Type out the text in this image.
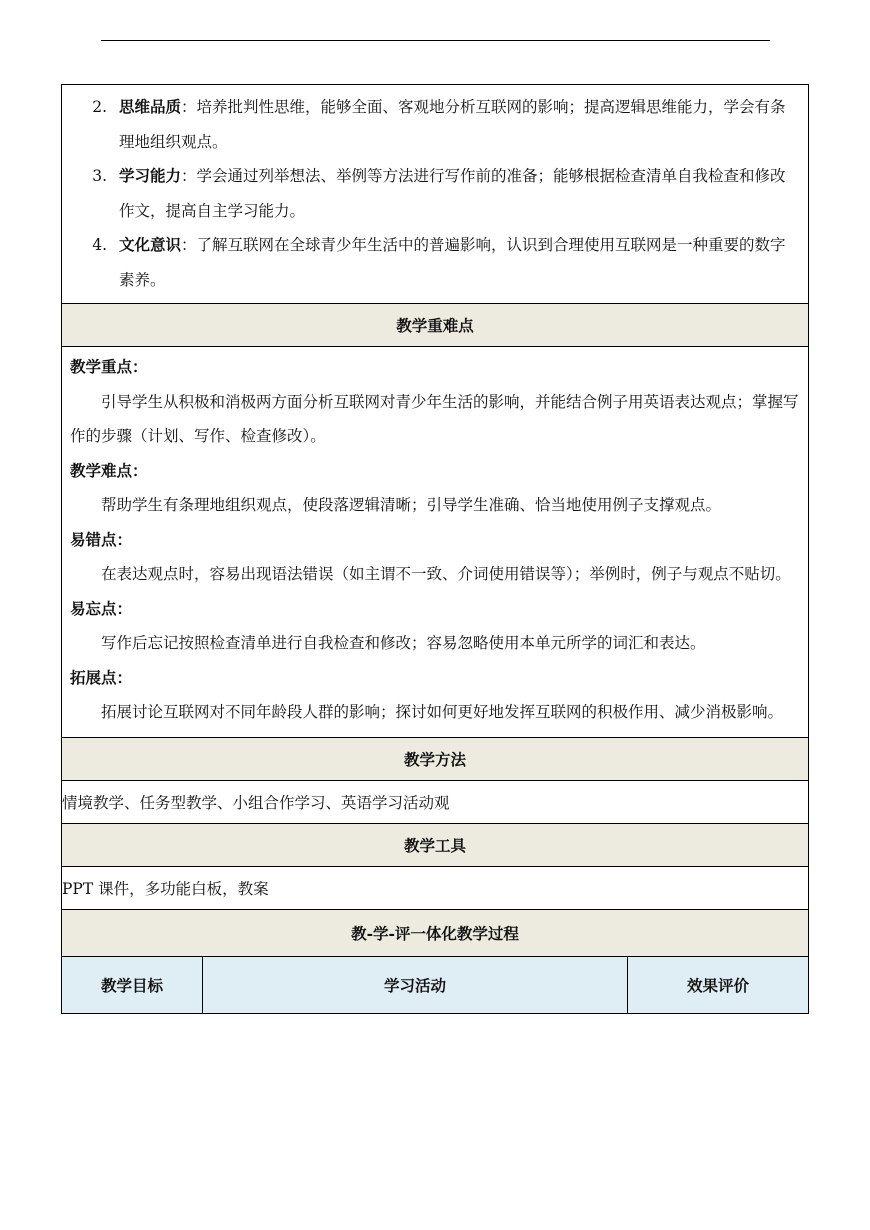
2. 思维品质：培养批判性思维，能够全面、客观地分析互联网的影响；提高逻辑思维能力，学会有条理地组织观点。
3. 学习能力：学会通过列举想法、举例等方法进行写作前的准备；能够根据检查清单自我检查和修改作文，提高自主学习能力。
4. 文化意识：了解互联网在全球青少年生活中的普遍影响，认识到合理使用互联网是一种重要的数字素养。

教学重难点

教学重点：
引导学生从积极和消极两方面分析互联网对青少年生活的影响，并能结合例子用英语表达观点；掌握写作的步骤（计划、写作、检查修改）。
教学难点：
帮助学生有条理地组织观点，使段落逻辑清晰；引导学生准确、恰当地使用例子支撑观点。
易错点：
在表达观点时，容易出现语法错误（如主谓不一致、介词使用错误等）；举例时，例子与观点不贴切。
易忘点：
写作后忘记按照检查清单进行自我检查和修改；容易忽略使用本单元所学的词汇和表达。
拓展点：
拓展讨论互联网对不同年龄段人群的影响；探讨如何更好地发挥互联网的积极作用、减少消极影响。

教学方法
情境教学、任务型教学、小组合作学习、英语学习活动观
教学工具
PPT 课件，多功能白板，教案
教-学-评一体化教学过程
教学目标	学习活动	效果评价
